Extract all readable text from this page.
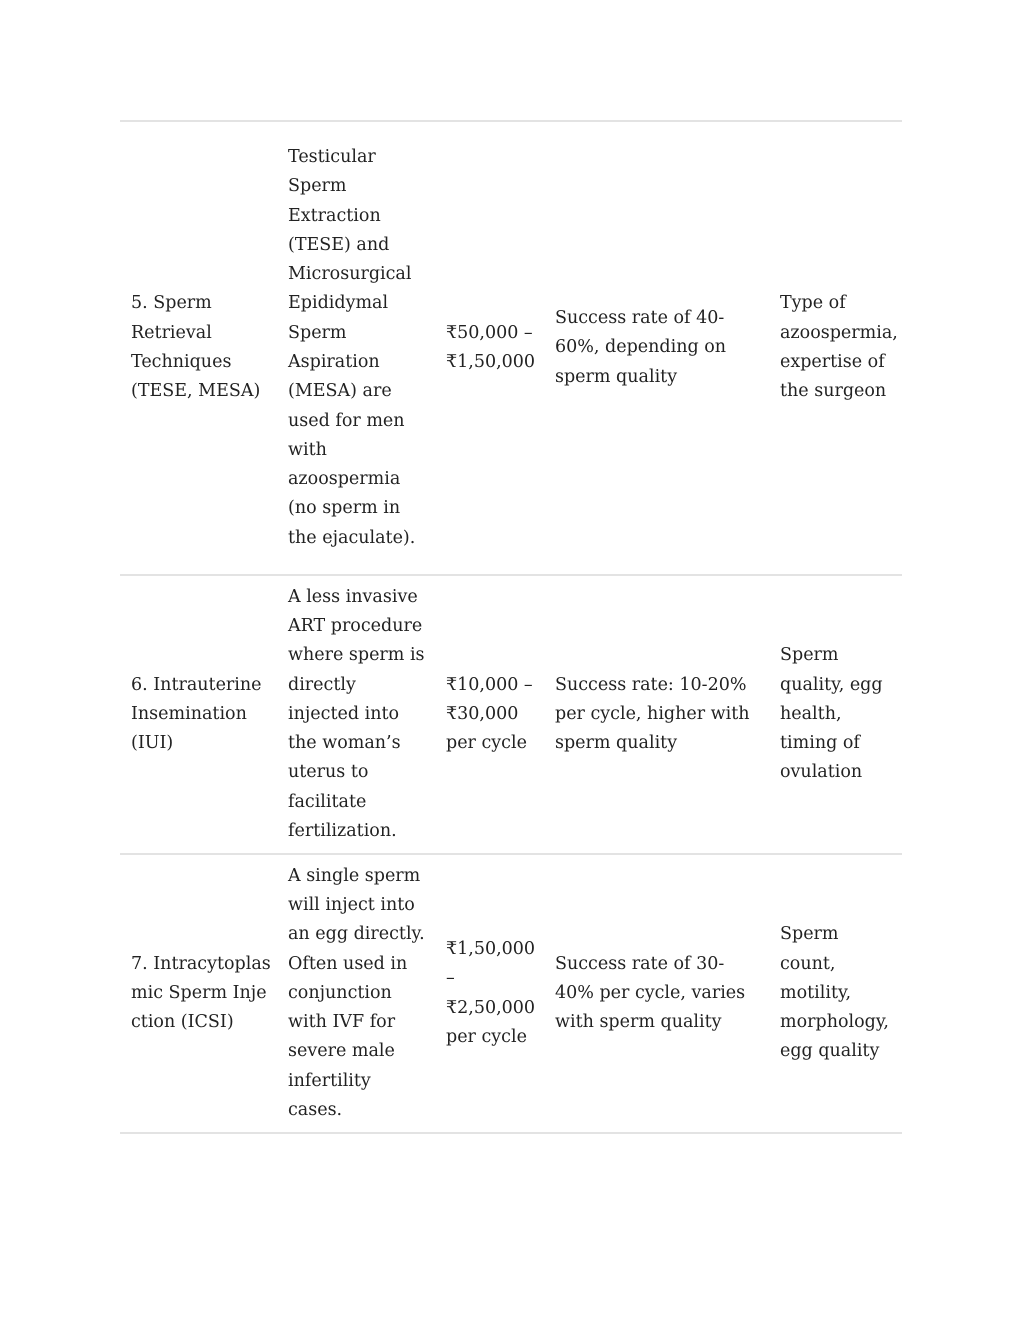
5. Sperm Retrieval Techniques (TESE, MESA)
Testicular Sperm Extraction (TESE) and Microsurgical Epididymal Sperm Aspiration (MESA) are used for men with azoospermia (no sperm in the ejaculate).
₹50,000 – ₹1,50,000
Success rate of 40-60%, depending on sperm quality
Type of azoospermia, expertise of the surgeon
6. Intrauterine Insemination (IUI)
A less invasive ART procedure where sperm is directly injected into the woman’s uterus to facilitate fertilization.
₹10,000 – ₹30,000 per cycle
Success rate: 10-20% per cycle, higher with sperm quality
Sperm quality, egg health, timing of ovulation
7. Intracytoplasmic Sperm Injection (ICSI)
A single sperm will inject into an egg directly. Often used in conjunction with IVF for severe male infertility cases.
₹1,50,000 – ₹2,50,000 per cycle
Success rate of 30-40% per cycle, varies with sperm quality
Sperm count, motility, morphology, egg quality
